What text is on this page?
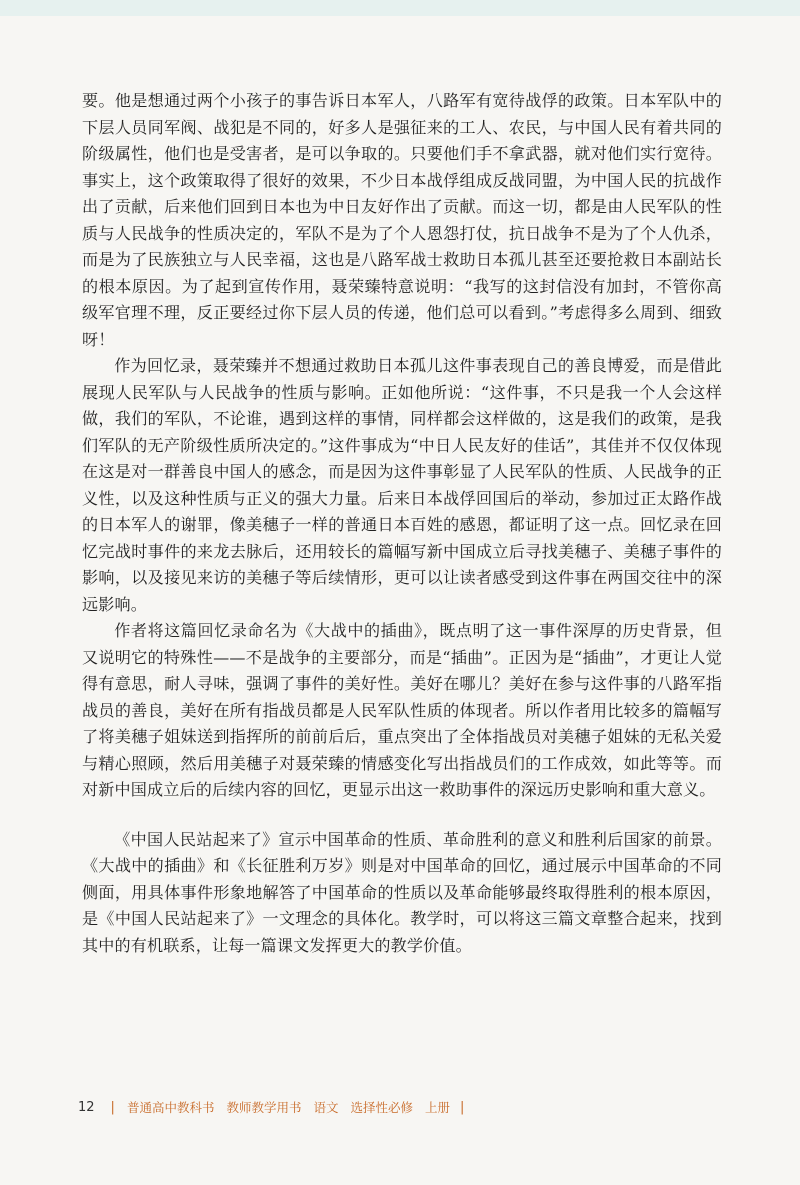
要。他是想通过两个小孩子的事告诉日本军人，八路军有宽待战俘的政策。日本军队中的下层人员同军阀、战犯是不同的，好多人是强征来的工人、农民，与中国人民有着共同的阶级属性，他们也是受害者，是可以争取的。只要他们手不拿武器，就对他们实行宽待。事实上，这个政策取得了很好的效果，不少日本战俘组成反战同盟，为中国人民的抗战作出了贡献，后来他们回到日本也为中日友好作出了贡献。而这一切，都是由人民军队的性质与人民战争的性质决定的，军队不是为了个人恩怨打仗，抗日战争不是为了个人仇杀，而是为了民族独立与人民幸福，这也是八路军战士救助日本孤儿甚至还要抢救日本副站长的根本原因。为了起到宣传作用，聂荣臻特意说明：“我写的这封信没有加封，不管你高级军官理不理，反正要经过你下层人员的传递，他们总可以看到。”考虑得多么周到、细致呀！

作为回忆录，聂荣臻并不想通过救助日本孤儿这件事表现自己的善良博爱，而是借此展现人民军队与人民战争的性质与影响。正如他所说：“这件事，不只是我一个人会这样做，我们的军队，不论谁，遇到这样的事情，同样都会这样做的，这是我们的政策，是我们军队的无产阶级性质所决定的。”这件事成为“中日人民友好的佳话”，其佳并不仅仅体现在这是对一群善良中国人的感念，而是因为这件事彰显了人民军队的性质、人民战争的正义性，以及这种性质与正义的强大力量。后来日本战俘回国后的举动，参加过正太路作战的日本军人的谢罪，像美穗子一样的普通日本百姓的感恩，都证明了这一点。回忆录在回忆完战时事件的来龙去脉后，还用较长的篇幅写新中国成立后寻找美穗子、美穗子事件的影响，以及接见来访的美穗子等后续情形，更可以让读者感受到这件事在两国交往中的深远影响。

作者将这篇回忆录命名为《大战中的插曲》，既点明了这一事件深厚的历史背景，但又说明它的特殊性——不是战争的主要部分，而是“插曲”。正因为是“插曲”，才更让人觉得有意思，耐人寻味，强调了事件的美好性。美好在哪儿？美好在参与这件事的八路军指战员的善良，美好在所有指战员都是人民军队性质的体现者。所以作者用比较多的篇幅写了将美穗子姐妹送到指挥所的前前后后，重点突出了全体指战员对美穗子姐妹的无私关爱与精心照顾，然后用美穗子对聂荣臻的情感变化写出指战员们的工作成效，如此等等。而对新中国成立后的后续内容的回忆，更显示出这一救助事件的深远历史影响和重大意义。

《中国人民站起来了》宣示中国革命的性质、革命胜利的意义和胜利后国家的前景。《大战中的插曲》和《长征胜利万岁》则是对中国革命的回忆，通过展示中国革命的不同侧面，用具体事件形象地解答了中国革命的性质以及革命能够最终取得胜利的根本原因，是《中国人民站起来了》一文理念的具体化。教学时，可以将这三篇文章整合起来，找到其中的有机联系，让每一篇课文发挥更大的教学价值。

12 | 普通高中教科书 教师教学用书 语文 选择性必修 上册 |
